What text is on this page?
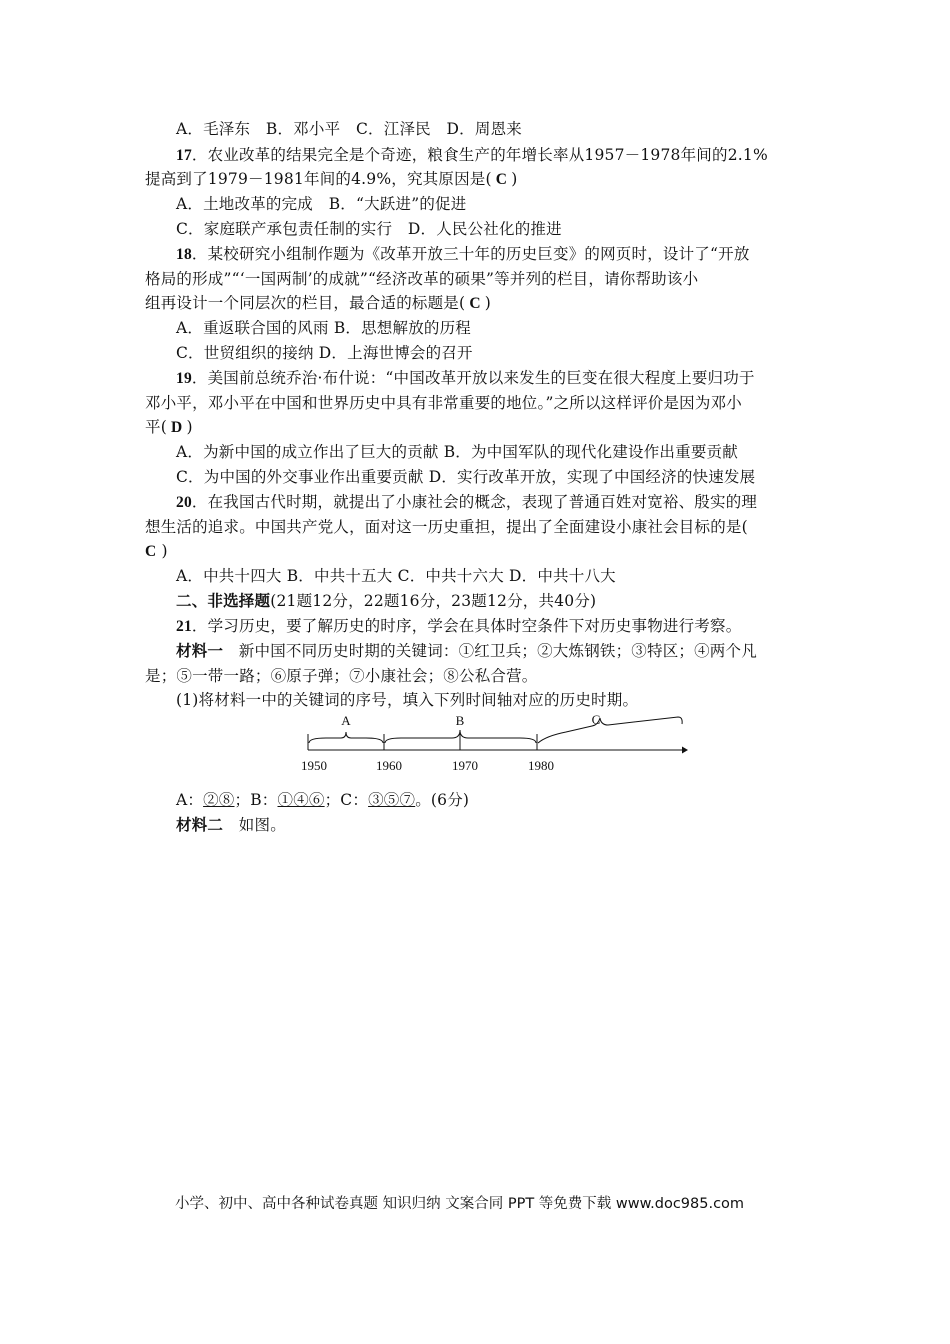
A．毛泽东　B．邓小平　C．江泽民　D．周恩来
17．农业改革的结果完全是个奇迹，粮食生产的年增长率从1957－1978年间的2.1%
提高到了1979－1981年间的4.9%，究其原因是( C )
A．土地改革的完成　B．“大跃进”的促进
C．家庭联产承包责任制的实行　D．人民公社化的推进
18．某校研究小组制作题为《改革开放三十年的历史巨变》的网页时，设计了“开放
格局的形成”“‘一国两制’的成就”“经济改革的硕果”等并列的栏目，请你帮助该小
组再设计一个同层次的栏目，最合适的标题是( C )
A．重返联合国的风雨 B．思想解放的历程
C．世贸组织的接纳 D．上海世博会的召开
19．美国前总统乔治·布什说：“中国改革开放以来发生的巨变在很大程度上要归功于
邓小平，邓小平在中国和世界历史中具有非常重要的地位。”之所以这样评价是因为邓小
平( D )
A．为新中国的成立作出了巨大的贡献 B．为中国军队的现代化建设作出重要贡献
C．为中国的外交事业作出重要贡献 D．实行改革开放，实现了中国经济的快速发展
20．在我国古代时期，就提出了小康社会的概念，表现了普通百姓对宽裕、殷实的理
想生活的追求。中国共产党人，面对这一历史重担，提出了全面建设小康社会目标的是(
C )
A．中共十四大 B．中共十五大 C．中共十六大 D．中共十八大
二、非选择题(21题12分，22题16分，23题12分，共40分)
21．学习历史，要了解历史的时序，学会在具体时空条件下对历史事物进行考察。
材料一　新中国不同历史时期的关键词：①红卫兵；②大炼钢铁；③特区；④两个凡
是；⑤一带一路；⑥原子弹；⑦小康社会；⑧公私合营。
(1)将材料一中的关键词的序号，填入下列时间轴对应的历史时期。
A	B	C
1950	1960	1970	1980
A：②⑧；B：①④⑥；C：③⑤⑦。(6分)
材料二　如图。
小学、初中、高中各种试卷真题 知识归纳 文案合同 PPT 等免费下载 www.doc985.com
